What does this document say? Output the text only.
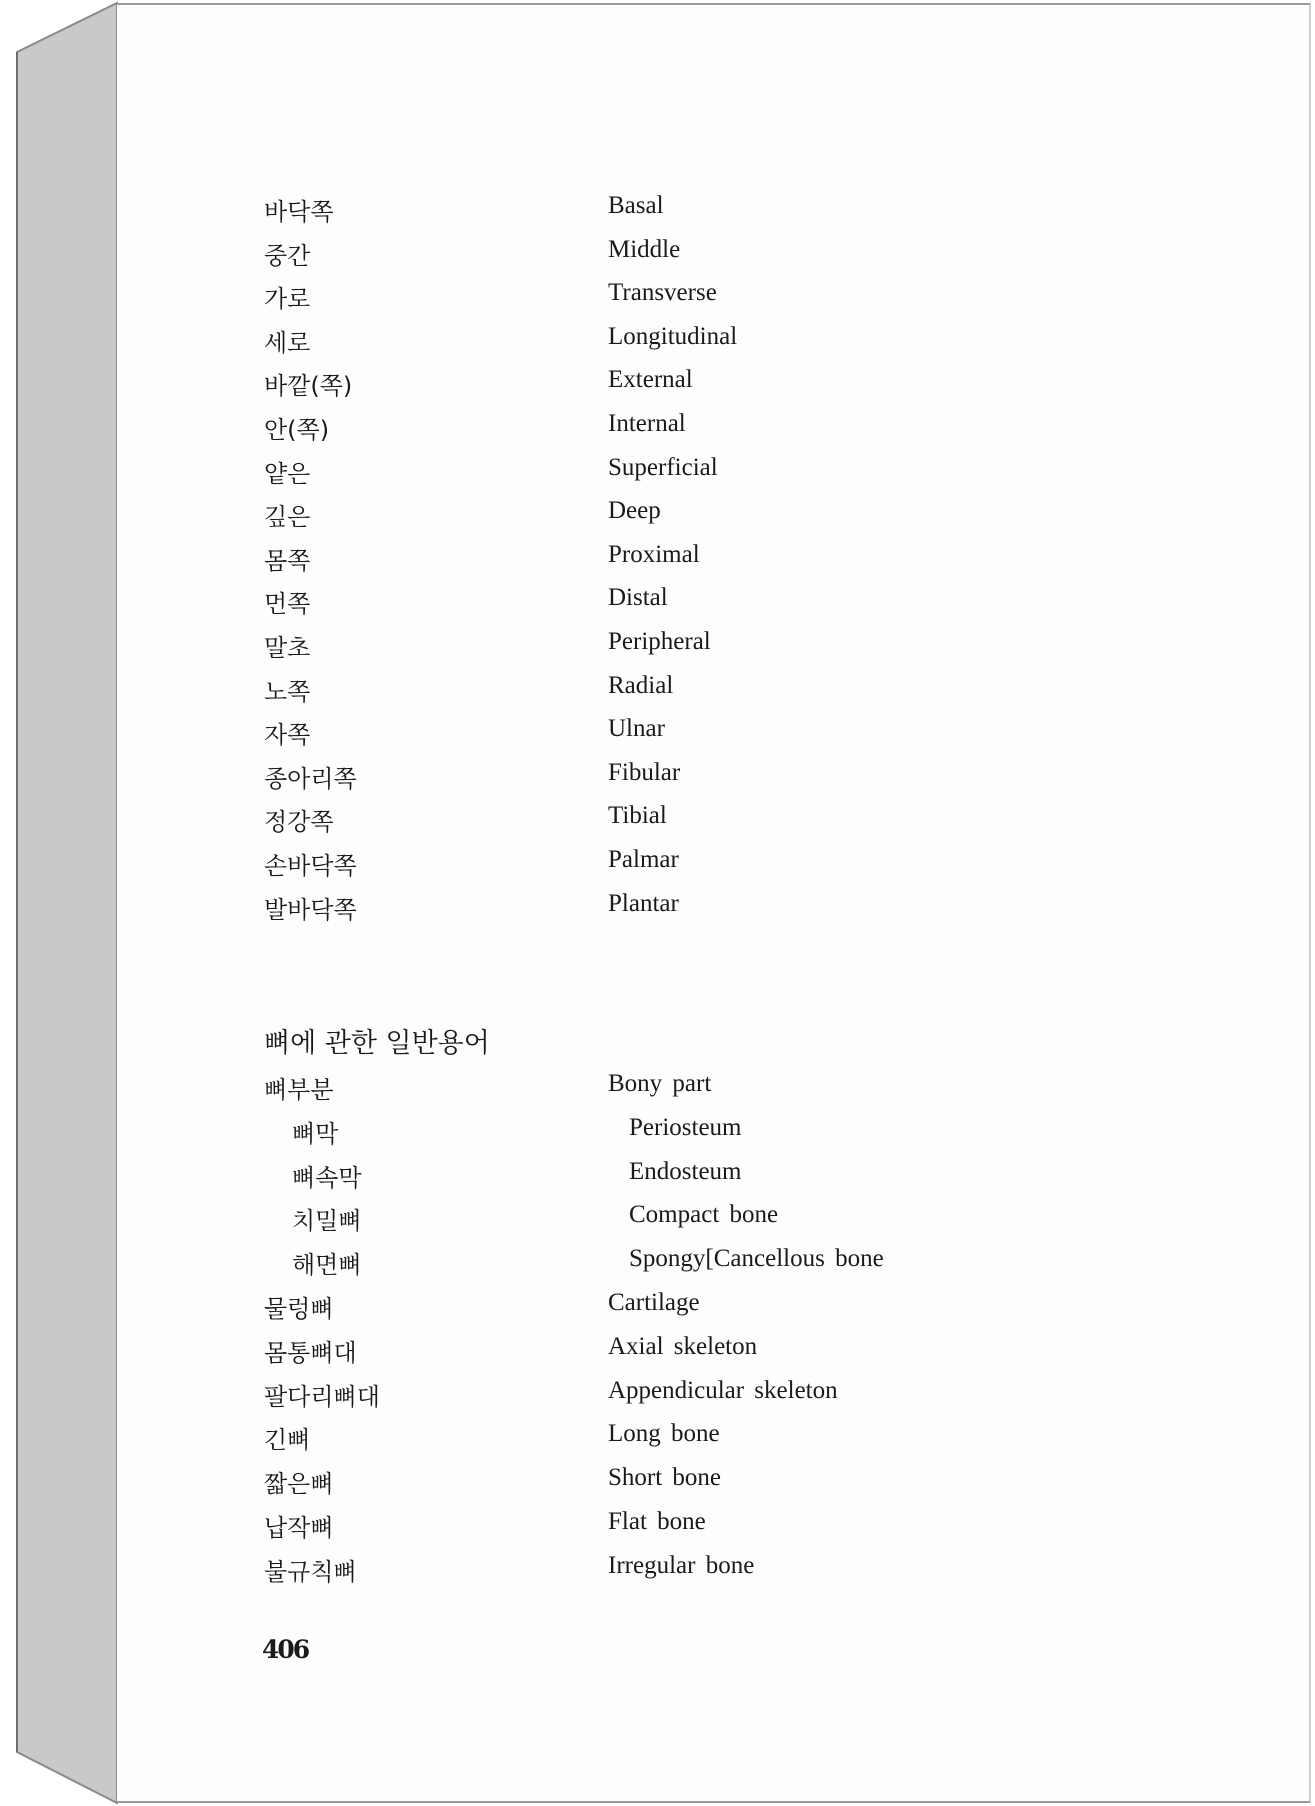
바닥쪽	Basal
중간	Middle
가로	Transverse
세로	Longitudinal
바깥(쪽)	External
안(쪽)	Internal
얕은	Superficial
깊은	Deep
몸쪽	Proximal
먼쪽	Distal
말초	Peripheral
노쪽	Radial
자쪽	Ulnar
종아리쪽	Fibular
정강쪽	Tibial
손바닥쪽	Palmar
발바닥쪽	Plantar
뼈에 관한 일반용어
뼈부분	Bony part
뼈막	Periosteum
뼈속막	Endosteum
치밀뼈	Compact bone
해면뼈	Spongy[Cancellous bone
물렁뼈	Cartilage
몸통뼈대	Axial skeleton
팔다리뼈대	Appendicular skeleton
긴뼈	Long bone
짧은뼈	Short bone
납작뼈	Flat bone
불규칙뼈	Irregular bone
406
